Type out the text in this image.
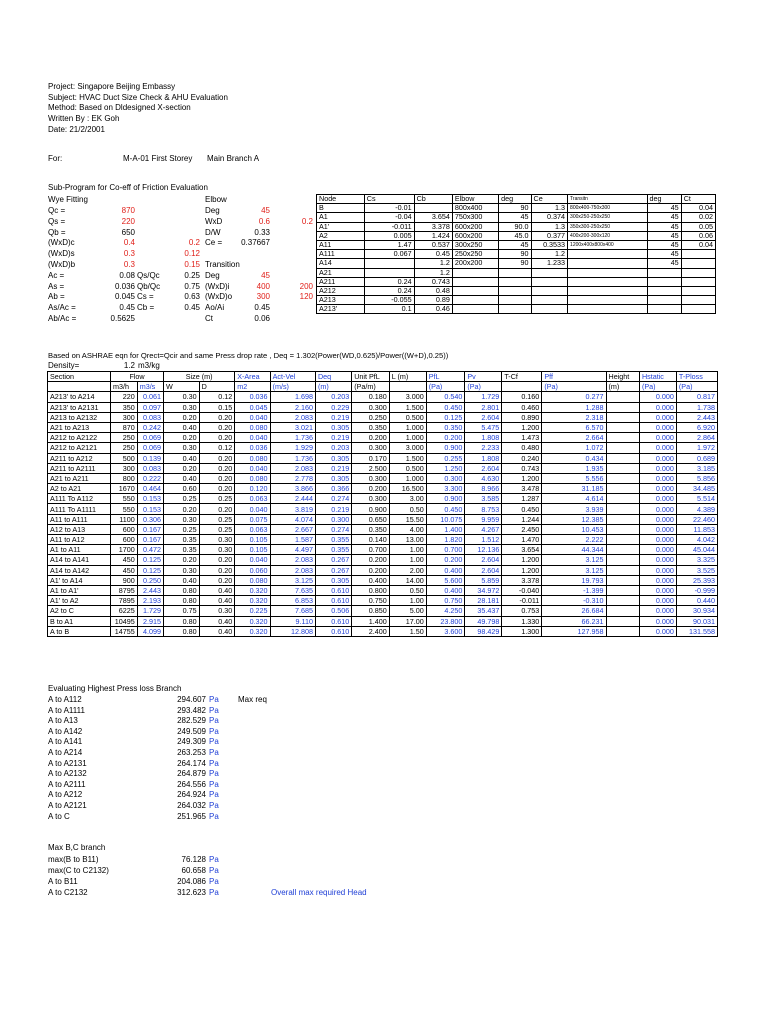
Project: Singapore Beijing Embassy
Subject: HVAC Duct Size Check & AHU Evaluation
Method: Based on Dldesigned X-section
Written By : EK Goh
Date: 21/2/2001
For:	M-A-01 First Storey Main Branch A
Sub-Program for Co-eff of Friction Evaluation
Wye Fitting	Elbow
Qc =	870	Deg	45
Qs =	220	WxD	0.6	0.2
Qb =	650	D/W	0.33
(WxD)c	0.4	0.2 Ce =	0.37667
(WxD)s	0.3	0.12
(WxD)b	0.3	0.15 Transition
Ac =	0.08 Qs/Qc	0.25 Deg	45
As =	0.036 Qb/Qc	0.75 (WxD)i	400	200
Ab =	0.045 Cs =	0.63 (WxD)o	300	120
As/Ac =	0.45 Cb =	0.45 Ao/Ai	0.45
Ab/Ac =	0.5625	Ct	0.06
Node	Cs	Cb	Elbow	deg	Ce	Transitn	deg	Ct
B	-0.01		800x400	90	1.3	800x400-750x300	45	0.04
A1	-0.04	3.654	750x300	45	0.374	300x250-250x250	45	0.02
A1'	-0.011	3.378	600x200	90.0	1.3	350x300-250x250	45	0.05
A2	0.005	1.424	600x200	45.0	0.377	400x200-300x120	45	0.06
A11	1.47	0.537	300x250	45	0.3533	1200x400x800x400	45	0.04
A111	0.067	0.45	250x250	90	1.2		45	
A14		1.2	200x200	90	1.233		45	
A21		1.2						
A211	0.24	0.743						
A212	0.24	0.48						
A213	-0.055	0.89						
A213'	0.1	0.46						
Based on ASHRAE eqn for Qrect=Qcir and same Press drop rate , Deq = 1.302(Power(WD,0.625)/Power((W+D),0.25))
Density=	1.2 m3/kg
Section	Flow		Size (m)		X-Area	Act-Vel	Deq	Unit PfL	L (m)	PfL	Pv	T-Cf	Pff	Height	Hstatic	T-Ploss
	m3/h	m3/s	W	D	m2	(m/s)	(m)	(Pa/m)		(Pa)	(Pa)		(Pa)	(m)	(Pa)	(Pa)
A213' to A214	220	0.061	0.30	0.12	0.036	1.698	0.203	0.180	3.000	0.540	1.729	0.160	0.277		0.000	0.817
A213' to A2131	350	0.097	0.30	0.15	0.045	2.160	0.229	0.300	1.500	0.450	2.801	0.460	1.288		0.000	1.738
A213 to A2132	300	0.083	0.20	0.20	0.040	2.083	0.219	0.250	0.500	0.125	2.604	0.890	2.318		0.000	2.443
A21 to A213	870	0.242	0.40	0.20	0.080	3.021	0.305	0.350	1.000	0.350	5.475	1.200	6.570		0.000	6.920
A212 to A2122	250	0.069	0.20	0.20	0.040	1.736	0.219	0.200	1.000	0.200	1.808	1.473	2.664		0.000	2.864
A212 to A2121	250	0.069	0.30	0.12	0.036	1.929	0.203	0.300	3.000	0.900	2.233	0.480	1.072		0.000	1.972
A211 to A212	500	0.139	0.40	0.20	0.080	1.736	0.305	0.170	1.500	0.255	1.808	0.240	0.434		0.000	0.689
A211 to A2111	300	0.083	0.20	0.20	0.040	2.083	0.219	2.500	0.500	1.250	2.604	0.743	1.935		0.000	3.185
A21 to A211	800	0.222	0.40	0.20	0.080	2.778	0.305	0.300	1.000	0.300	4.630	1.200	5.556		0.000	5.856
A2 to A21	1670	0.464	0.60	0.20	0.120	3.866	0.366	0.200	16.500	3.300	8.966	3.478	31.185		0.000	34.485
A111 To A112	550	0.153	0.25	0.25	0.063	2.444	0.274	0.300	3.00	0.900	3.585	1.287	4.614		0.000	5.514
A111 To A1111	550	0.153	0.20	0.20	0.040	3.819	0.219	0.900	0.50	0.450	8.753	0.450	3.939		0.000	4.389
A11 to A111	1100	0.306	0.30	0.25	0.075	4.074	0.300	0.650	15.50	10.075	9.959	1.244	12.385		0.000	22.460
A12 to A13	600	0.167	0.25	0.25	0.063	2.667	0.274	0.350	4.00	1.400	4.267	2.450	10.453		0.000	11.853
A11 to A12	600	0.167	0.35	0.30	0.105	1.587	0.355	0.140	13.00	1.820	1.512	1.470	2.222		0.000	4.042
A1 to A11	1700	0.472	0.35	0.30	0.105	4.497	0.355	0.700	1.00	0.700	12.136	3.654	44.344		0.000	45.044
A14 to A141	450	0.125	0.20	0.20	0.040	2.083	0.267	0.200	1.00	0.200	2.604	1.200	3.125		0.000	3.325
A14 to A142	450	0.125	0.30	0.20	0.060	2.083	0.267	0.200	2.00	0.400	2.604	1.200	3.125		0.000	3.525
A1' to A14	900	0.250	0.40	0.20	0.080	3.125	0.305	0.400	14.00	5.600	5.859	3.378	19.793		0.000	25.393
A1 to A1'	8795	2.443	0.80	0.40	0.320	7.635	0.610	0.800	0.50	0.400	34.972	-0.040	-1.399		0.000	-0.999
A1' to A2	7895	2.193	0.80	0.40	0.320	6.853	0.610	0.750	1.00	0.750	28.181	-0.011	-0.310		0.000	0.440
A2 to C	6225	1.729	0.75	0.30	0.225	7.685	0.506	0.850	5.00	4.250	35.437	0.753	26.684		0.000	30.934
B to A1	10495	2.915	0.80	0.40	0.320	9.110	0.610	1.400	17.00	23.800	49.798	1.330	66.231		0.000	90.031
A to B	14755	4.099	0.80	0.40	0.320	12.808	0.610	2.400	1.50	3.600	98.429	1.300	127.958		0.000	131.558
Evaluating Highest Press loss Branch
Max req
A to A112	294.607 Pa
A to A1111	293.482 Pa
A to A13	282.529 Pa
A to A142	249.509 Pa
A to A141	249.309 Pa
A to A214	263.253 Pa
A to A2131	264.174 Pa
A to A2132	264.879 Pa
A to A2111	264.556 Pa
A to A212	264.924 Pa
A to A2121	264.032 Pa
A to C	251.965 Pa
Max B,C branch
max(B to B11)	76.128 Pa
max(C to C2132)	60.658 Pa
A to B11	204.086 Pa
A to C2132	312.623 Pa	Overall max required Head
